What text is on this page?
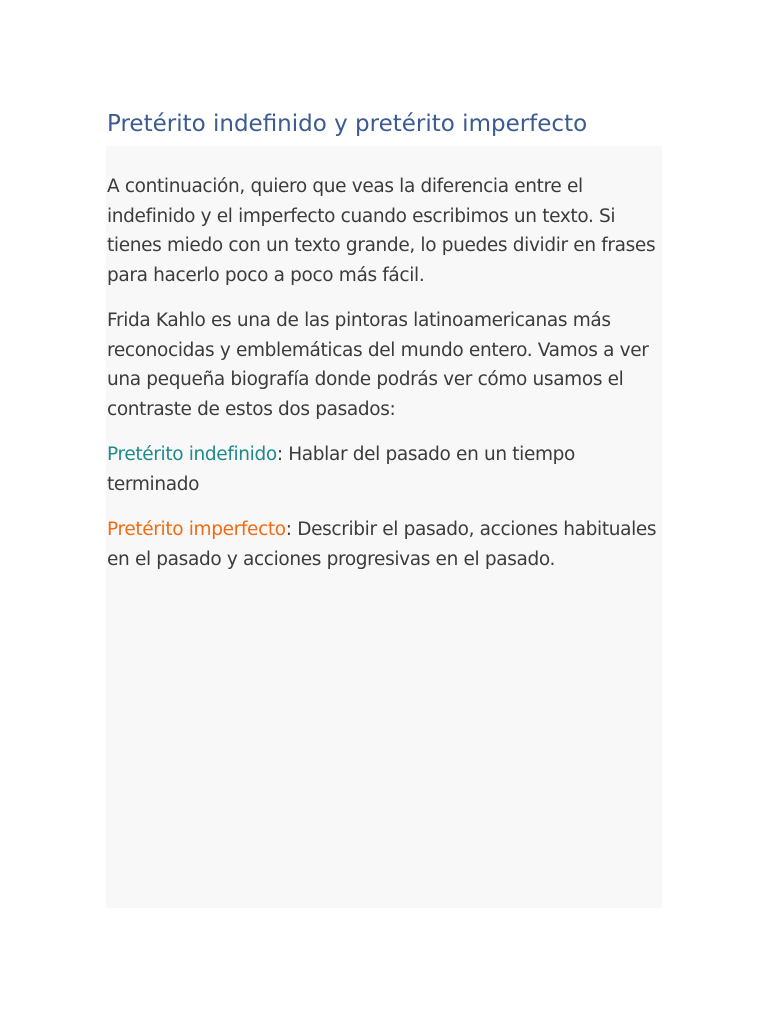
Pretérito indefinido y pretérito imperfecto

A continuación, quiero que veas la diferencia entre el indefinido y el imperfecto cuando escribimos un texto. Si tienes miedo con un texto grande, lo puedes dividir en frases para hacerlo poco a poco más fácil.

Frida Kahlo es una de las pintoras latinoamericanas más reconocidas y emblemáticas del mundo entero. Vamos a ver una pequeña biografía donde podrás ver cómo usamos el contraste de estos dos pasados:

Pretérito indefinido: Hablar del pasado en un tiempo terminado

Pretérito imperfecto: Describir el pasado, acciones habituales en el pasado y acciones progresivas en el pasado.
